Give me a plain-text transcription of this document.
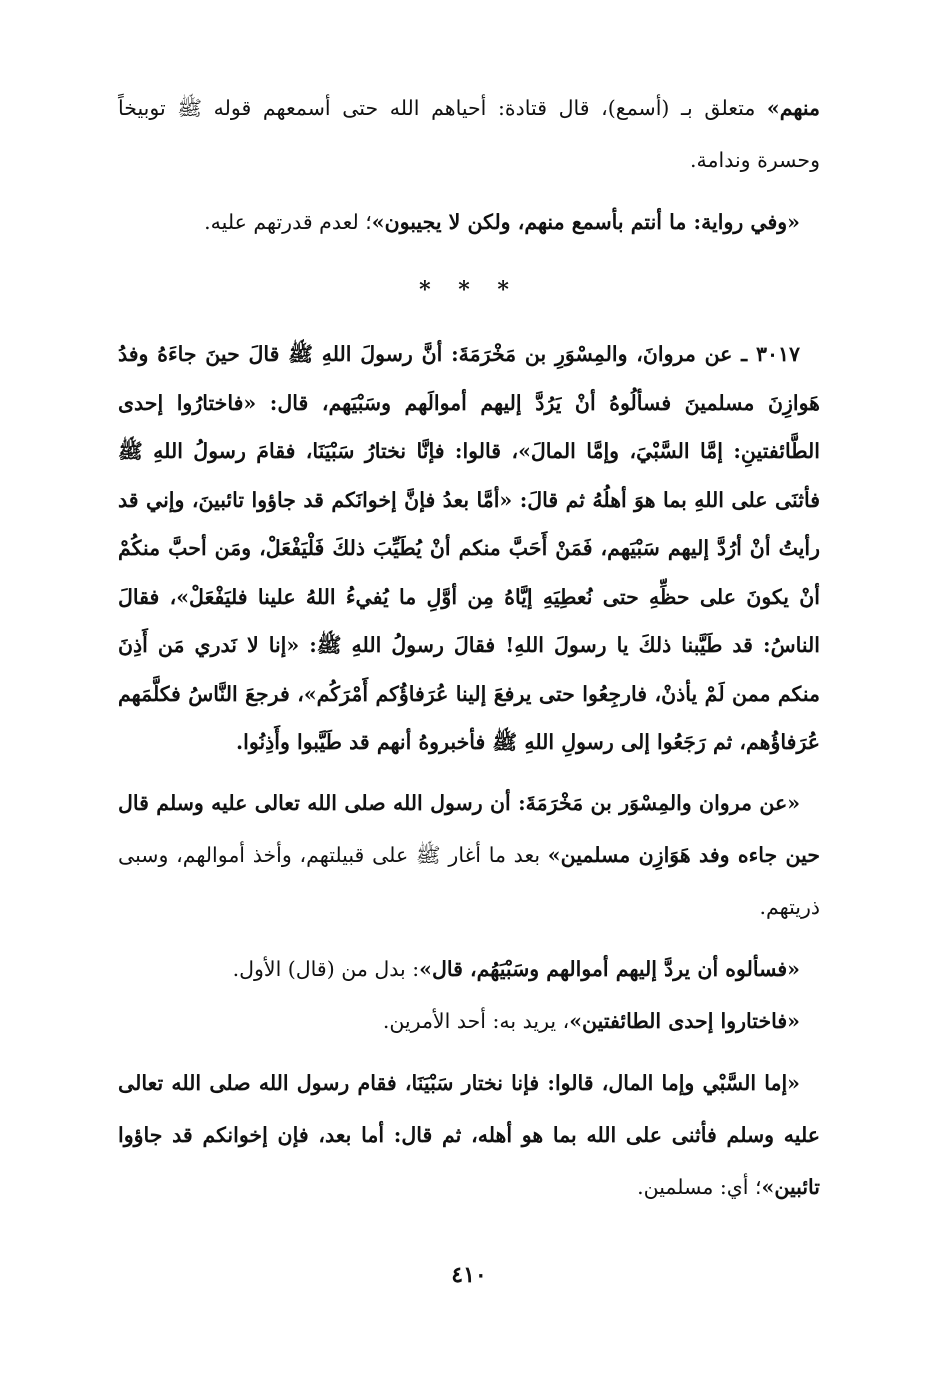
منهم» متعلق بـ (أسمع)، قال قتادة: أحياهم الله حتى أسمعهم قوله ﷺ توبيخاً وحسرة وندامة.

«وفي رواية: ما أنتم بأسمع منهم، ولكن لا يجيبون»؛ لعدم قدرتهم عليه.

* * *

٣٠١٧ ـ عن مروانَ، والمِسْوَرِ بن مَخْرَمَةَ: أنَّ رسولَ اللهِ ﷺ قالَ حينَ جاءَهُ وفدُ هَوازِنَ مسلمينَ فسألُوهُ أنْ يَرُدَّ إليهم أموالَهم وسَبْيَهم، قال: «فاختارُوا إحدى الطَّائفتينِ: إمَّا السَّبْيَ، وإمَّا المالَ»، قالوا: فإنَّا نختارُ سَبْيَنَا، فقامَ رسولُ اللهِ ﷺ فأثنَى على اللهِ بما هوَ أهلُهُ ثم قالَ: «أمَّا بعدُ فإنَّ إخوانَكم قد جاؤوا تائبينَ، وإني قد رأيتُ أنْ أرُدَّ إليهم سَبْيَهم، فَمَنْ أَحَبَّ منكم أنْ يُطَيِّبَ ذلكَ فَلْيَفْعَلْ، ومَن أحبَّ منكُمْ أنْ يكونَ على حظِّهِ حتى نُعطِيَهِ إيَّاهُ مِن أوَّلِ ما يُفيءُ اللهُ علينا فليَفْعَلْ»، فقالَ الناسُ: قد طَيَّبنا ذلكَ يا رسولَ اللهِ! فقالَ رسولُ اللهِ ﷺ: «إنا لا نَدري مَن أَذِنَ منكم ممن لَمْ يأذنْ، فارجِعُوا حتى يرفعَ إلينا عُرَفاؤُكم أَمْرَكُم»، فرجعَ النَّاسُ فكلَّمَهم عُرَفاؤُهم، ثم رَجَعُوا إلى رسولِ اللهِ ﷺ فأخبروهُ أنهم قد طَيَّبوا وأَذِنُوا.

«عن مروان والمِسْوَر بن مَخْرَمَةَ: أن رسول الله صلى الله تعالى عليه وسلم قال حين جاءه وفد هَوَازِن مسلمين» بعد ما أغار ﷺ على قبيلتهم، وأخذ أموالهم، وسبى ذريتهم.

«فسألوه أن يردَّ إليهم أموالهم وسَبْيَهُم، قال»: بدل من (قال) الأول.

«فاختاروا إحدى الطائفتين»، يريد به: أحد الأمرين.

«إما السَّبْي وإما المال، قالوا: فإنا نختار سَبْيَنَا، فقام رسول الله صلى الله تعالى عليه وسلم فأثنى على الله بما هو أهله، ثم قال: أما بعد، فإن إخوانكم قد جاؤوا تائبين»؛ أي: مسلمين.

٤١٠
